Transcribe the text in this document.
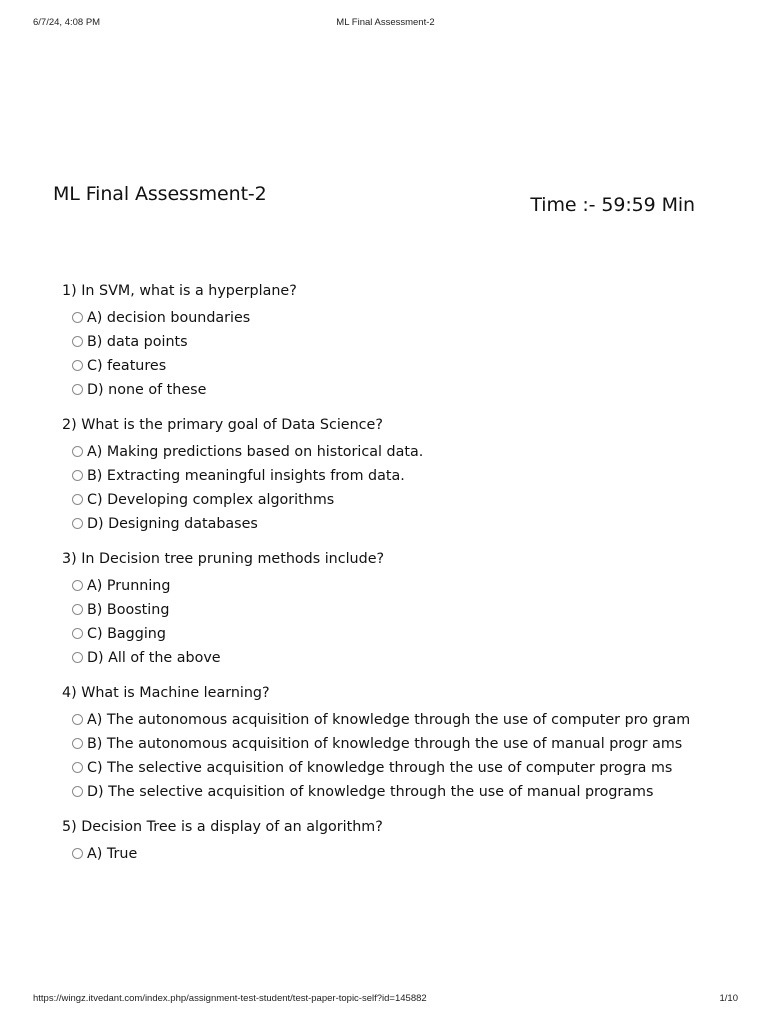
6/7/24, 4:08 PM	ML Final Assessment-2
ML Final Assessment-2	Time :- 59:59 Min
1) In SVM, what is a hyperplane?
A) decision boundaries
B) data points
C) features
D) none of these
2) What is the primary goal of Data Science?
A) Making predictions based on historical data.
B) Extracting meaningful insights from data.
C) Developing complex algorithms
D) Designing databases
3) In Decision tree pruning methods include?
A) Prunning
B) Boosting
C) Bagging
D) All of the above
4) What is Machine learning?
A) The autonomous acquisition of knowledge through the use of computer pro gram
B) The autonomous acquisition of knowledge through the use of manual progr ams
C) The selective acquisition of knowledge through the use of computer progra ms
D) The selective acquisition of knowledge through the use of manual programs
5) Decision Tree is a display of an algorithm?
A) True
https://wingz.itvedant.com/index.php/assignment-test-student/test-paper-topic-self?id=145882	1/10
